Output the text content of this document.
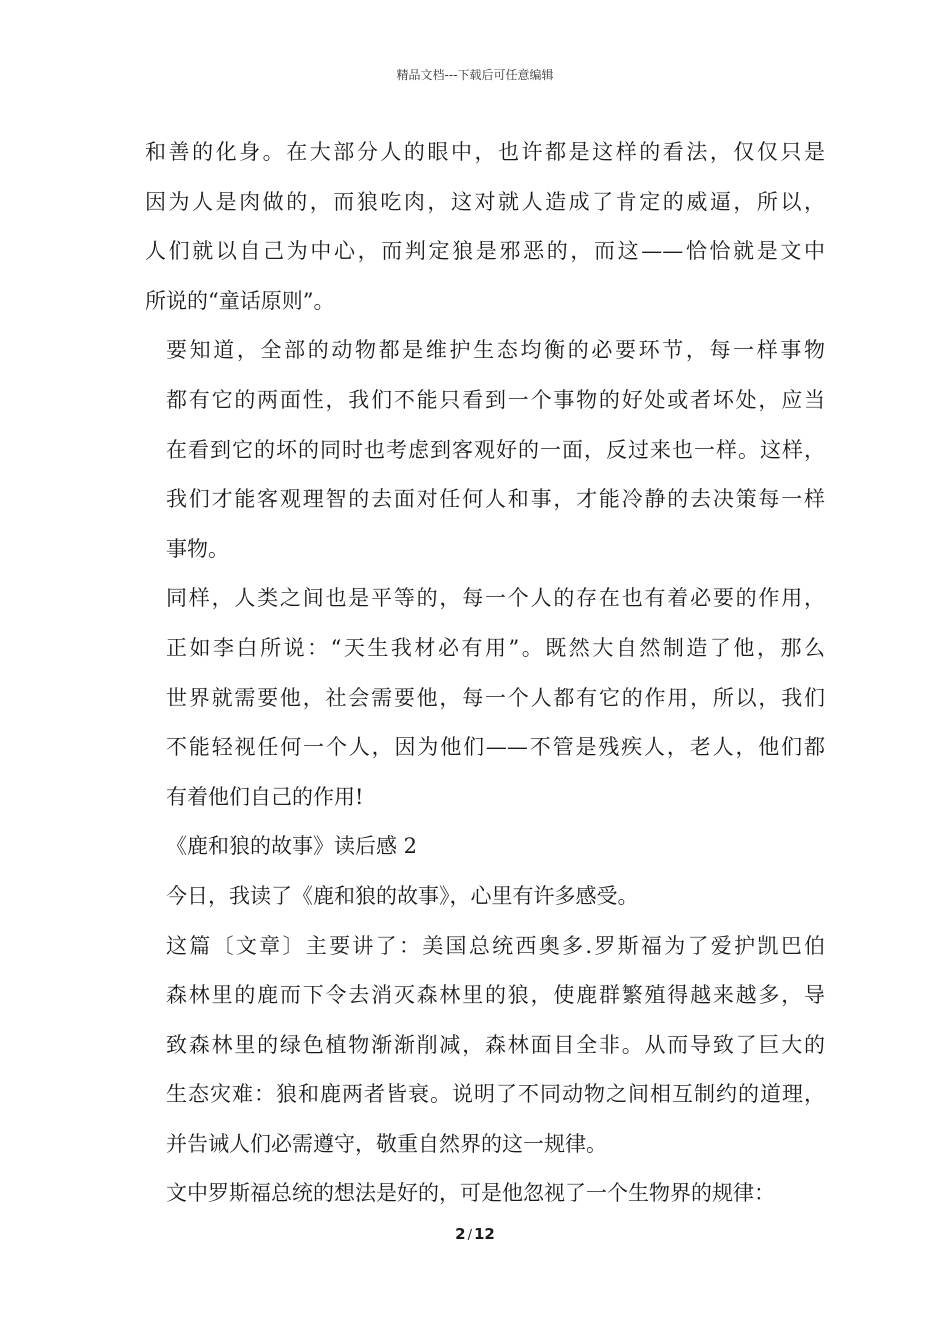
精品文档---下载后可任意编辑

和善的化身。在大部分人的眼中，也许都是这样的看法，仅仅只是
因为人是肉做的，而狼吃肉，这对就人造成了肯定的威逼，所以，
人们就以自己为中心，而判定狼是邪恶的，而这——恰恰就是文中
所说的“童话原则”。

要知道，全部的动物都是维护生态均衡的必要环节，每一样事物
都有它的两面性，我们不能只看到一个事物的好处或者坏处，应当
在看到它的坏的同时也考虑到客观好的一面，反过来也一样。这样，
我们才能客观理智的去面对任何人和事，才能冷静的去决策每一样
事物。

同样，人类之间也是平等的，每一个人的存在也有着必要的作用，
正如李白所说：“天生我材必有用”。既然大自然制造了他，那么
世界就需要他，社会需要他，每一个人都有它的作用，所以，我们
不能轻视任何一个人，因为他们——不管是残疾人，老人，他们都
有着他们自己的作用!

《鹿和狼的故事》读后感 2

今日，我读了《鹿和狼的故事》，心里有许多感受。

这篇〔文章〕主要讲了：美国总统西奥多.罗斯福为了爱护凯巴伯
森林里的鹿而下令去消灭森林里的狼，使鹿群繁殖得越来越多，导
致森林里的绿色植物渐渐削减，森林面目全非。从而导致了巨大的
生态灾难：狼和鹿两者皆衰。说明了不同动物之间相互制约的道理，
并告诫人们必需遵守，敬重自然界的这一规律。

文中罗斯福总统的想法是好的，可是他忽视了一个生物界的规律：

2 / 12
